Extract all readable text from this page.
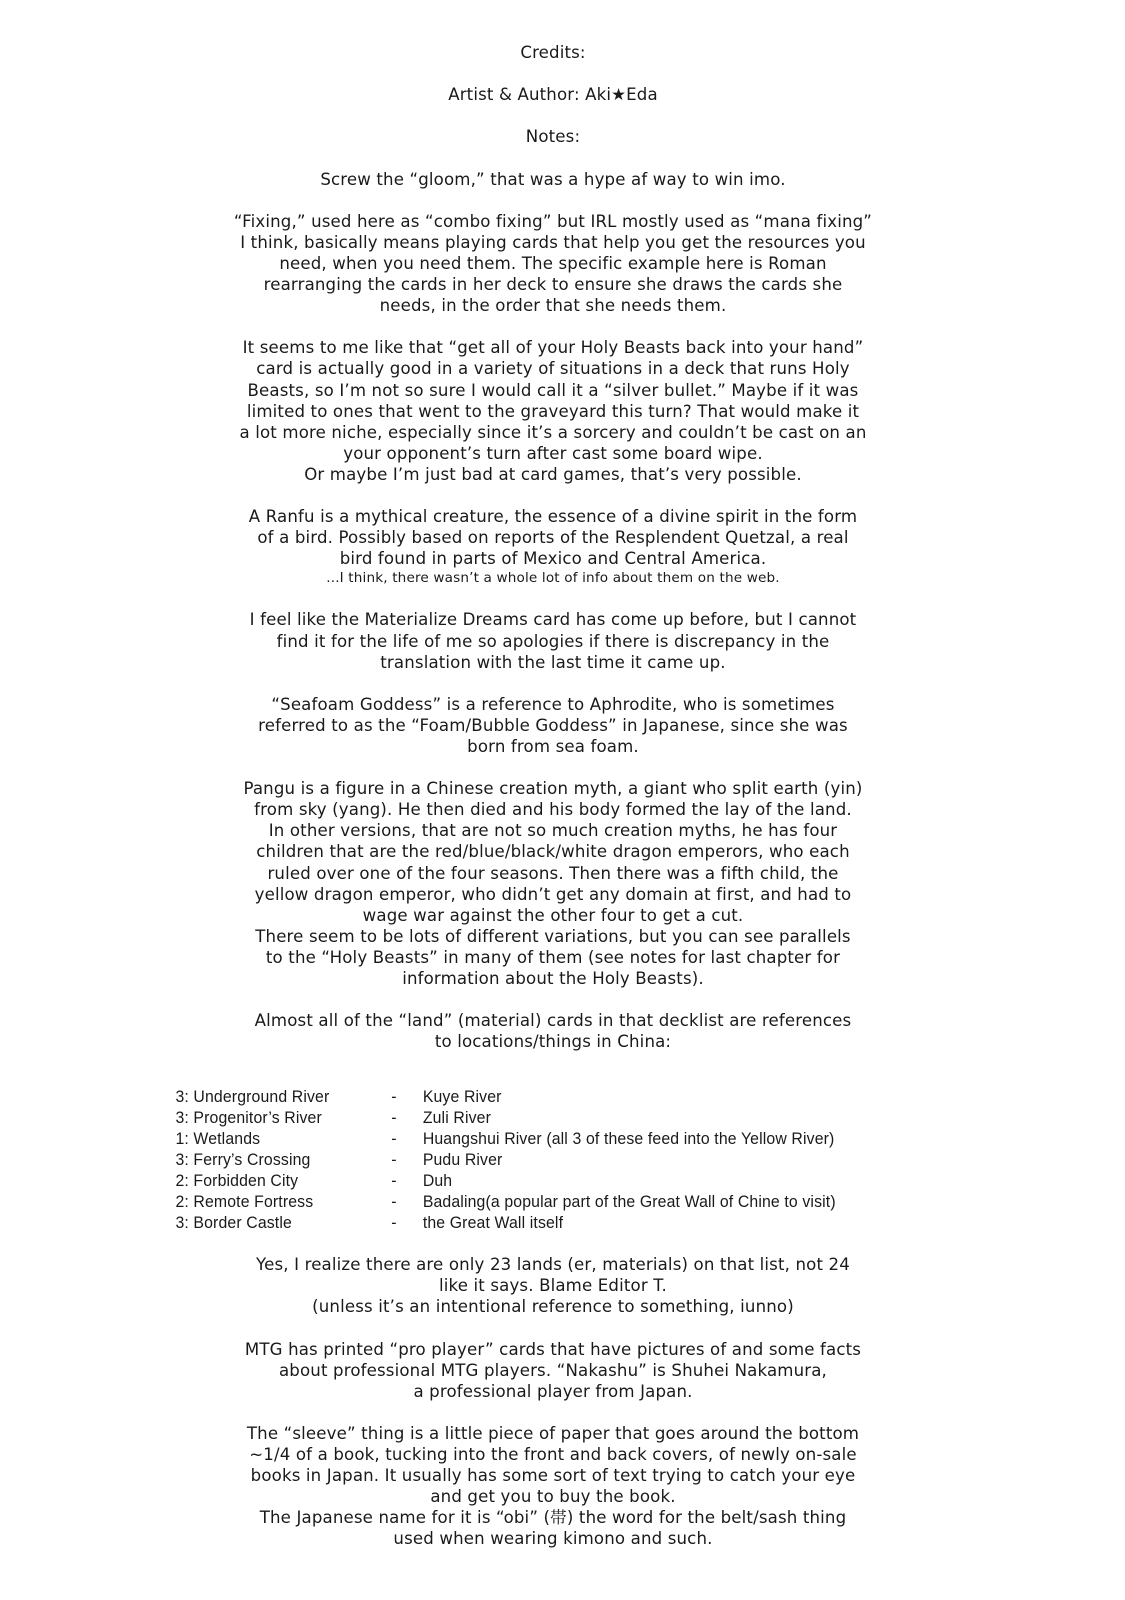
Credits:
Artist & Author: Aki★Eda
Notes:
Screw the “gloom,” that was a hype af way to win imo.
“Fixing,” used here as “combo fixing” but IRL mostly used as “mana fixing”
I think, basically means playing cards that help you get the resources you
need, when you need them. The specific example here is Roman
rearranging the cards in her deck to ensure she draws the cards she
needs, in the order that she needs them.
It seems to me like that “get all of your Holy Beasts back into your hand”
card is actually good in a variety of situations in a deck that runs Holy
Beasts, so I’m not so sure I would call it a “silver bullet.” Maybe if it was
limited to ones that went to the graveyard this turn? That would make it
a lot more niche, especially since it’s a sorcery and couldn’t be cast on an
your opponent’s turn after cast some board wipe.
Or maybe I’m just bad at card games, that’s very possible.
A Ranfu is a mythical creature, the essence of a divine spirit in the form
of a bird. Possibly based on reports of the Resplendent Quetzal, a real
bird found in parts of Mexico and Central America.
...I think, there wasn’t a whole lot of info about them on the web.
I feel like the Materialize Dreams card has come up before, but I cannot
find it for the life of me so apologies if there is discrepancy in the
translation with the last time it came up.
“Seafoam Goddess” is a reference to Aphrodite, who is sometimes
referred to as the “Foam/Bubble Goddess” in Japanese, since she was
born from sea foam.
Pangu is a figure in a Chinese creation myth, a giant who split earth (yin)
from sky (yang). He then died and his body formed the lay of the land.
In other versions, that are not so much creation myths, he has four
children that are the red/blue/black/white dragon emperors, who each
ruled over one of the four seasons. Then there was a fifth child, the
yellow dragon emperor, who didn’t get any domain at first, and had to
wage war against the other four to get a cut.
There seem to be lots of different variations, but you can see parallels
to the “Holy Beasts” in many of them (see notes for last chapter for
information about the Holy Beasts).
Almost all of the “land” (material) cards in that decklist are references
to locations/things in China:
3: Underground River	-	Kuye River
3: Progenitor’s River	-	Zuli River
1: Wetlands	-	Huangshui River (all 3 of these feed into the Yellow River)
3: Ferry’s Crossing	-	Pudu River
2: Forbidden City	-	Duh
2: Remote Fortress	-	Badaling(a popular part of the Great Wall of Chine to visit)
3: Border Castle	-	the Great Wall itself
Yes, I realize there are only 23 lands (er, materials) on that list, not 24
like it says. Blame Editor T.
(unless it’s an intentional reference to something, iunno)
MTG has printed “pro player” cards that have pictures of and some facts
about professional MTG players. “Nakashu” is Shuhei Nakamura,
a professional player from Japan.
The “sleeve” thing is a little piece of paper that goes around the bottom
~1/4 of a book, tucking into the front and back covers, of newly on-sale
books in Japan. It usually has some sort of text trying to catch your eye
and get you to buy the book.
The Japanese name for it is “obi” (帯) the word for the belt/sash thing
used when wearing kimono and such.
